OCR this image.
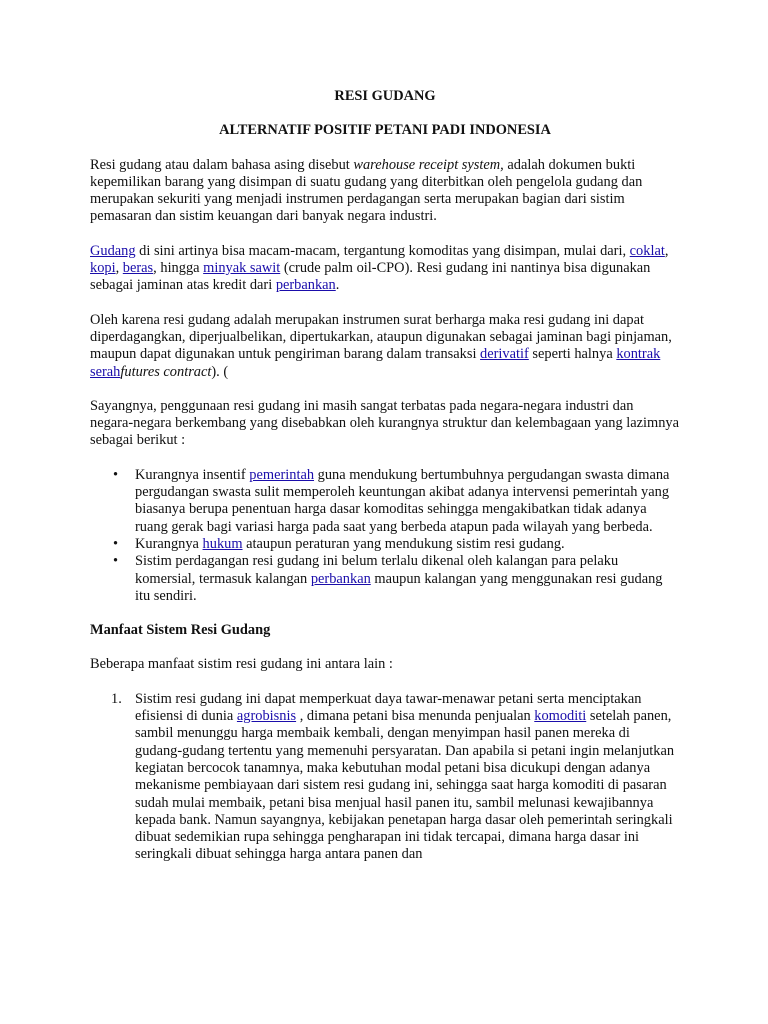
RESI GUDANG

ALTERNATIF POSITIF PETANI PADI INDONESIA

Resi gudang atau dalam bahasa asing disebut warehouse receipt system, adalah dokumen bukti kepemilikan barang yang disimpan di suatu gudang yang diterbitkan oleh pengelola gudang dan merupakan sekuriti yang menjadi instrumen perdagangan serta merupakan bagian dari sistim pemasaran dan sistim keuangan dari banyak negara industri.

Gudang di sini artinya bisa macam-macam, tergantung komoditas yang disimpan, mulai dari, coklat, kopi, beras, hingga minyak sawit (crude palm oil-CPO). Resi gudang ini nantinya bisa digunakan sebagai jaminan atas kredit dari perbankan.

Oleh karena resi gudang adalah merupakan instrumen surat berharga maka resi gudang ini dapat diperdagangkan, diperjualbelikan, dipertukarkan, ataupun digunakan sebagai jaminan bagi pinjaman, maupun dapat digunakan untuk pengiriman barang dalam transaksi derivatif seperti halnya kontrak serahfutures contract). (

Sayangnya, penggunaan resi gudang ini masih sangat terbatas pada negara-negara industri dan negara-negara berkembang yang disebabkan oleh kurangnya struktur dan kelembagaan yang lazimnya sebagai berikut :

• Kurangnya insentif pemerintah guna mendukung bertumbuhnya pergudangan swasta dimana pergudangan swasta sulit memperoleh keuntungan akibat adanya intervensi pemerintah yang biasanya berupa penentuan harga dasar komoditas sehingga mengakibatkan tidak adanya ruang gerak bagi variasi harga pada saat yang berbeda atapun pada wilayah yang berbeda.
• Kurangnya hukum ataupun peraturan yang mendukung sistim resi gudang.
• Sistim perdagangan resi gudang ini belum terlalu dikenal oleh kalangan para pelaku komersial, termasuk kalangan perbankan maupun kalangan yang menggunakan resi gudang itu sendiri.
Manfaat Sistem Resi Gudang

Beberapa manfaat sistim resi gudang ini antara lain :

1. Sistim resi gudang ini dapat memperkuat daya tawar-menawar petani serta menciptakan efisiensi di dunia agrobisnis , dimana petani bisa menunda penjualan komoditi setelah panen, sambil menunggu harga membaik kembali, dengan menyimpan hasil panen mereka di gudang-gudang tertentu yang memenuhi persyaratan. Dan apabila si petani ingin melanjutkan kegiatan bercocok tanamnya, maka kebutuhan modal petani bisa dicukupi dengan adanya mekanisme pembiayaan dari sistem resi gudang ini, sehingga saat harga komoditi di pasaran sudah mulai membaik, petani bisa menjual hasil panen itu, sambil melunasi kewajibannya kepada bank. Namun sayangnya, kebijakan penetapan harga dasar oleh pemerintah seringkali dibuat sedemikian rupa sehingga pengharapan ini tidak tercapai, dimana harga dasar ini seringkali dibuat sehingga harga antara panen dan
